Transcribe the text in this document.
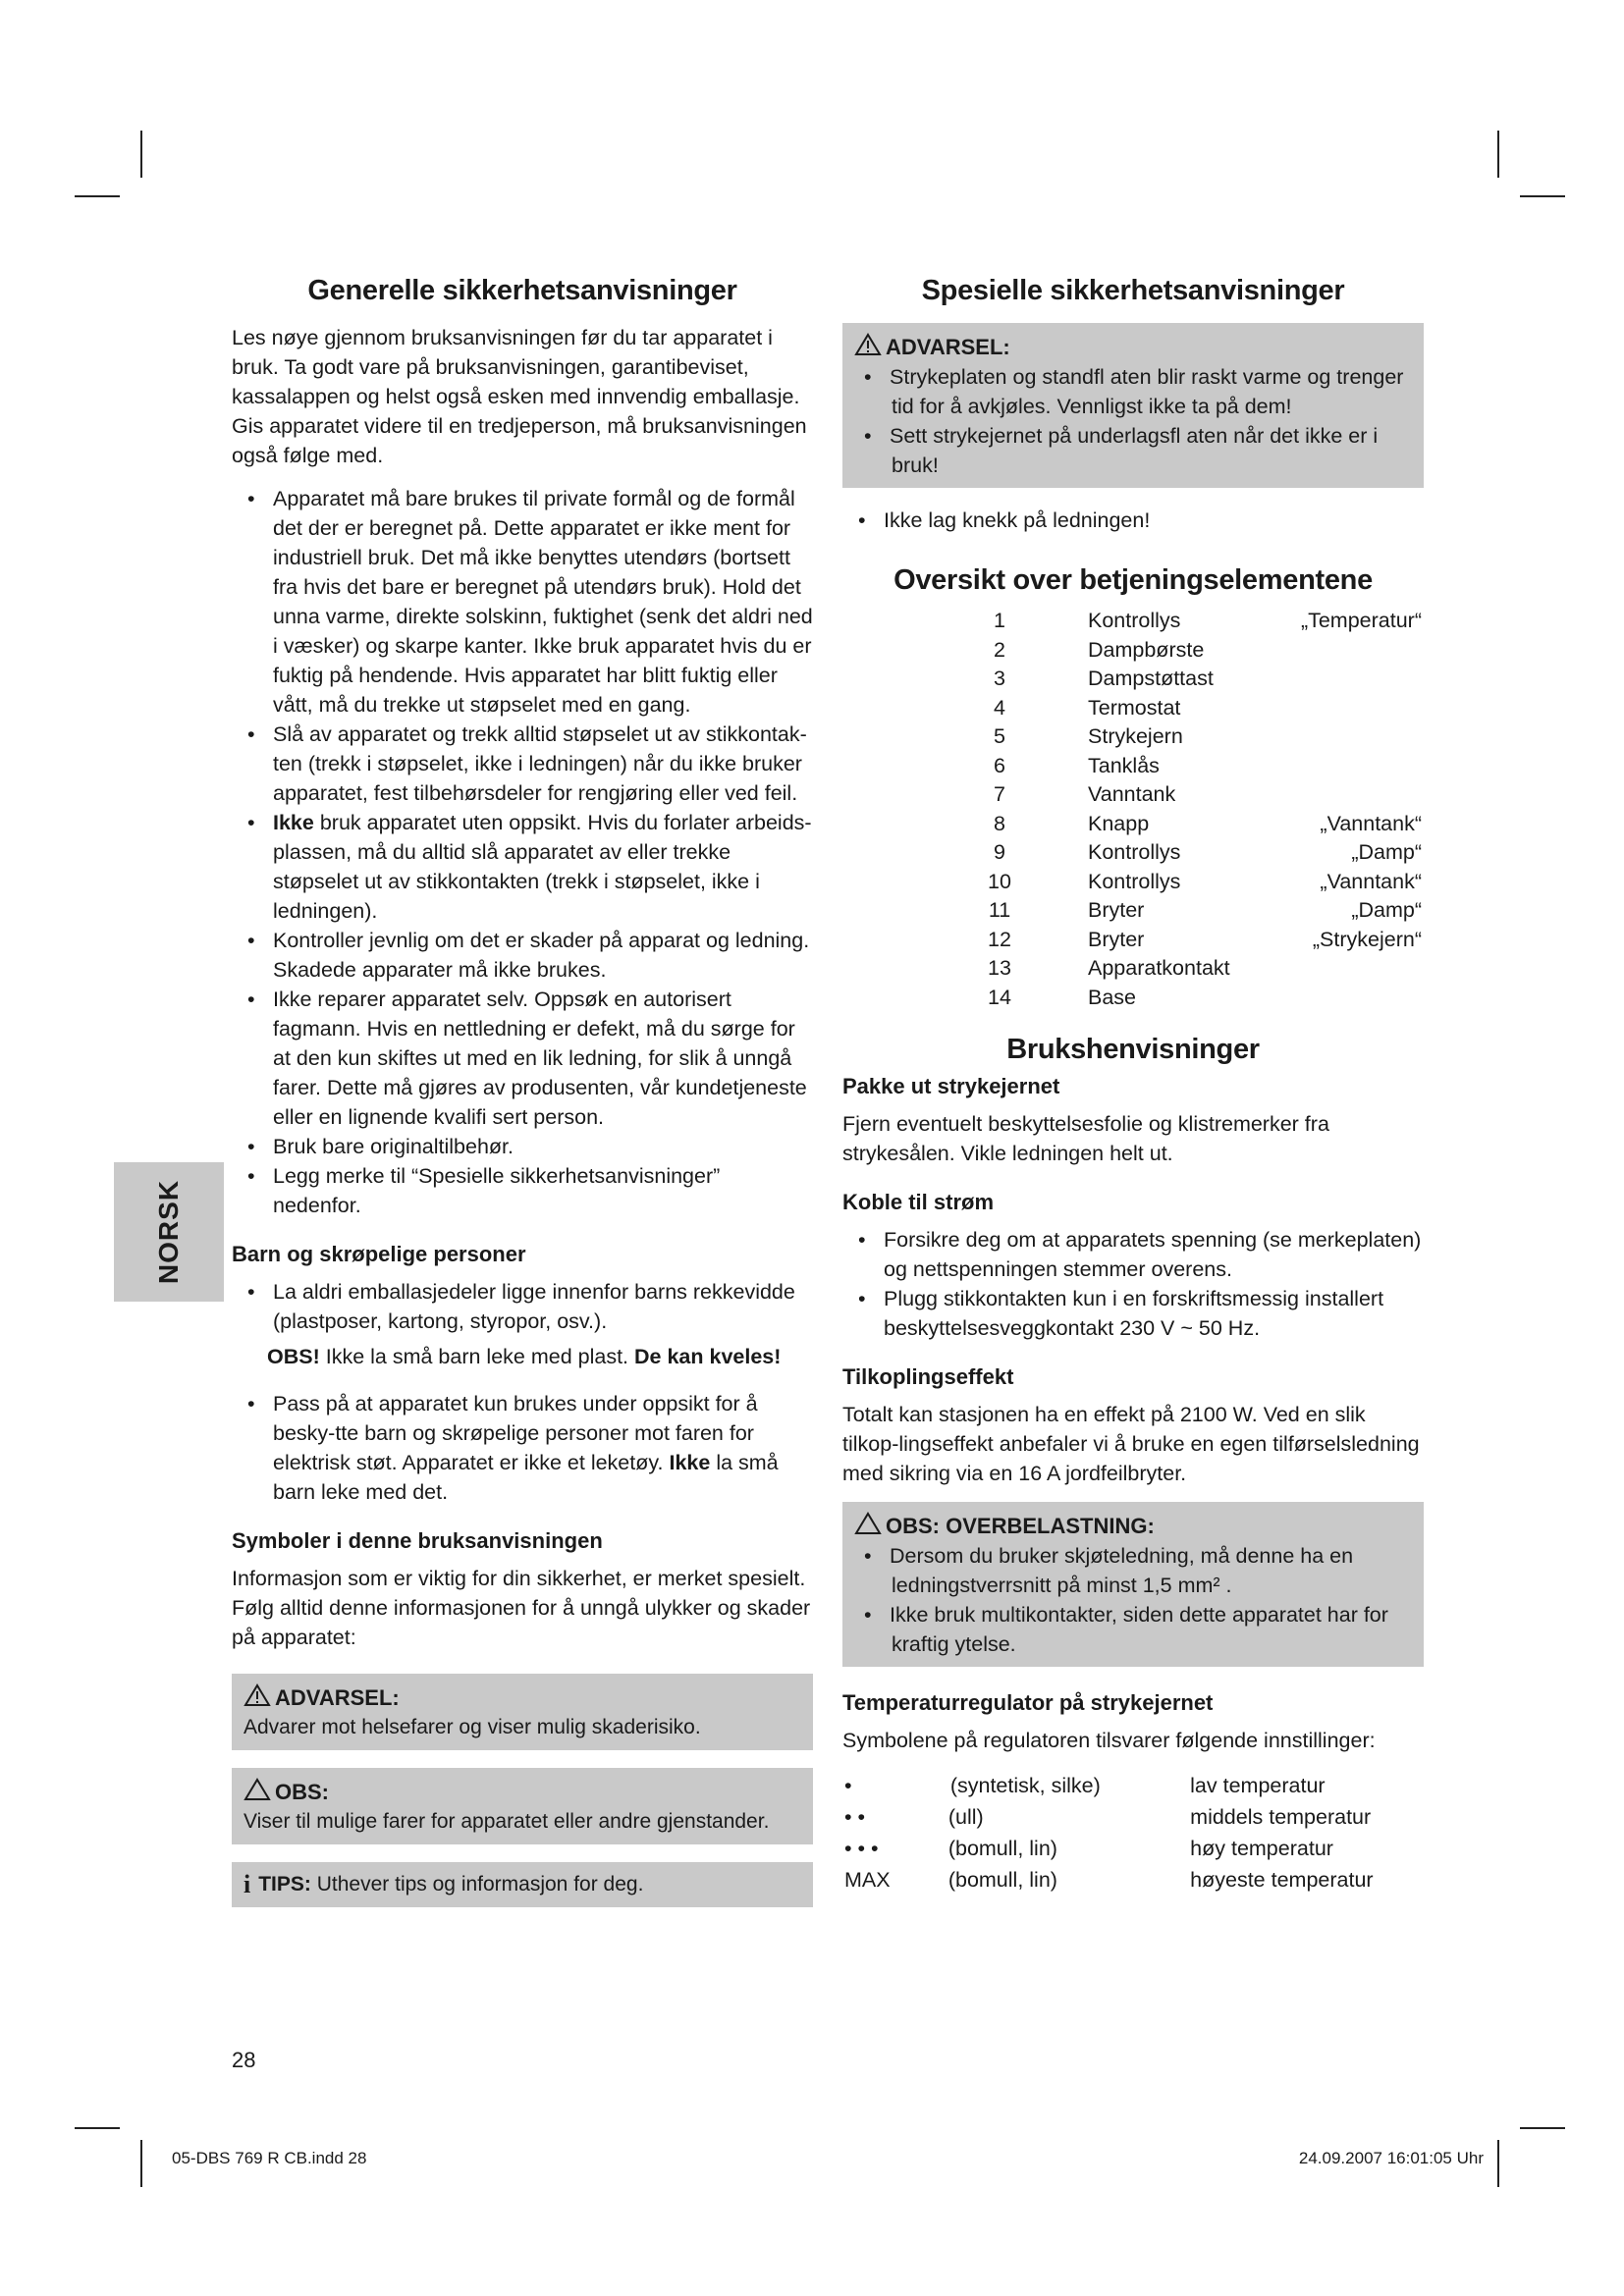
NORSK
Generelle sikkerhetsanvisninger

Les nøye gjennom bruksanvisningen før du tar apparatet i bruk. Ta godt vare på bruksanvisningen, garantibeviset, kassalappen og helst også esken med innvendig emballasje. Gis apparatet videre til en tredjeperson, må bruksanvisningen også følge med.

• Apparatet må bare brukes til private formål og de formål det der er beregnet på. Dette apparatet er ikke ment for industriell bruk. Det må ikke benyttes utendørs (bortsett fra hvis det bare er beregnet på utendørs bruk). Hold det unna varme, direkte solskinn, fuktighet (senk det aldri ned i væsker) og skarpe kanter. Ikke bruk apparatet hvis du er fuktig på hendende. Hvis apparatet har blitt fuktig eller vått, må du trekke ut støpselet med en gang.
• Slå av apparatet og trekk alltid støpselet ut av stikkontak-ten (trekk i støpselet, ikke i ledningen) når du ikke bruker apparatet, fest tilbehørsdeler for rengjøring eller ved feil.
• Ikke bruk apparatet uten oppsikt. Hvis du forlater arbeids-plassen, må du alltid slå apparatet av eller trekke støpselet ut av stikkontakten (trekk i støpselet, ikke i ledningen).
• Kontroller jevnlig om det er skader på apparat og ledning. Skadede apparater må ikke brukes.
• Ikke reparer apparatet selv. Oppsøk en autorisert fagmann. Hvis en nettledning er defekt, må du sørge for at den kun skiftes ut med en lik ledning, for slik å unngå farer. Dette må gjøres av produsenten, vår kundetjeneste eller en lignende kvalifi sert person.
• Bruk bare originaltilbehør.
• Legg merke til “Spesielle sikkerhetsanvisninger” nedenfor.
Barn og skrøpelige personer
• La aldri emballasjedeler ligge innenfor barns rekkevidde (plastposer, kartong, styropor, osv.).

OBS! Ikke la små barn leke med plast. De kan kveles!

• Pass på at apparatet kun brukes under oppsikt for å besky-tte barn og skrøpelige personer mot faren for elektrisk støt. Apparatet er ikke et leketøy. Ikke la små barn leke med det.
Symboler i denne bruksanvisningen

Informasjon som er viktig for din sikkerhet, er merket spesielt. Følg alltid denne informasjonen for å unngå ulykker og skader på apparatet:

ADVARSEL:

Advarer mot helsefarer og viser mulig skaderisiko.

OBS:

Viser til mulige farer for apparatet eller andre gjenstander.

i TIPS: Uthever tips og informasjon for deg.

Spesielle sikkerhetsanvisninger
ADVARSEL:
• Strykeplaten og standfl aten blir raskt varme og trenger tid for å avkjøles. Vennligst ikke ta på dem!
• Sett strykejernet på underlagsfl aten når det ikke er i bruk!
• Ikke lag knekk på ledningen!
Oversikt over betjeningselementene
1	Kontrollys	„Temperatur“
2	Dampbørste	
3	Dampstøttast	
4	Termostat	
5	Strykejern	
6	Tanklås	
7	Vanntank	
8	Knapp	„Vanntank“
9	Kontrollys	„Damp“
10	Kontrollys	„Vanntank“
11	Bryter	„Damp“
12	Bryter	„Strykejern“
13	Apparatkontakt	
14	Base	
Brukshenvisninger
Pakke ut strykejernet

Fjern eventuelt beskyttelsesfolie og klistremerker fra strykesålen. Vikle ledningen helt ut.

Koble til strøm
• Forsikre deg om at apparatets spenning (se merkeplaten) og nettspenningen stemmer overens.
• Plugg stikkontakten kun i en forskriftsmessig installert beskyttelsesveggkontakt 230 V ~ 50 Hz.
Tilkoplingseffekt

Totalt kan stasjonen ha en effekt på 2100 W. Ved en slik tilkop-lingseffekt anbefaler vi å bruke en egen tilførselsledning med sikring via en 16 A jordfeilbryter.

OBS: OVERBELASTNING:
• Dersom du bruker skjøteledning, må denne ha en ledningstverrsnitt på minst 1,5 mm² .
• Ikke bruk multikontakter, siden dette apparatet har for kraftig ytelse.
Temperaturregulator på strykejernet

Symbolene på regulatoren tilsvarer følgende innstillinger:

•	(syntetisk, silke)	lav temperatur
• •	(ull)	middels temperatur
• • •	(bomull, lin)	høy temperatur
MAX	(bomull, lin)	høyeste temperatur
28
05-DBS 769 R CB.indd 28	24.09.2007 16:01:05 Uhr
